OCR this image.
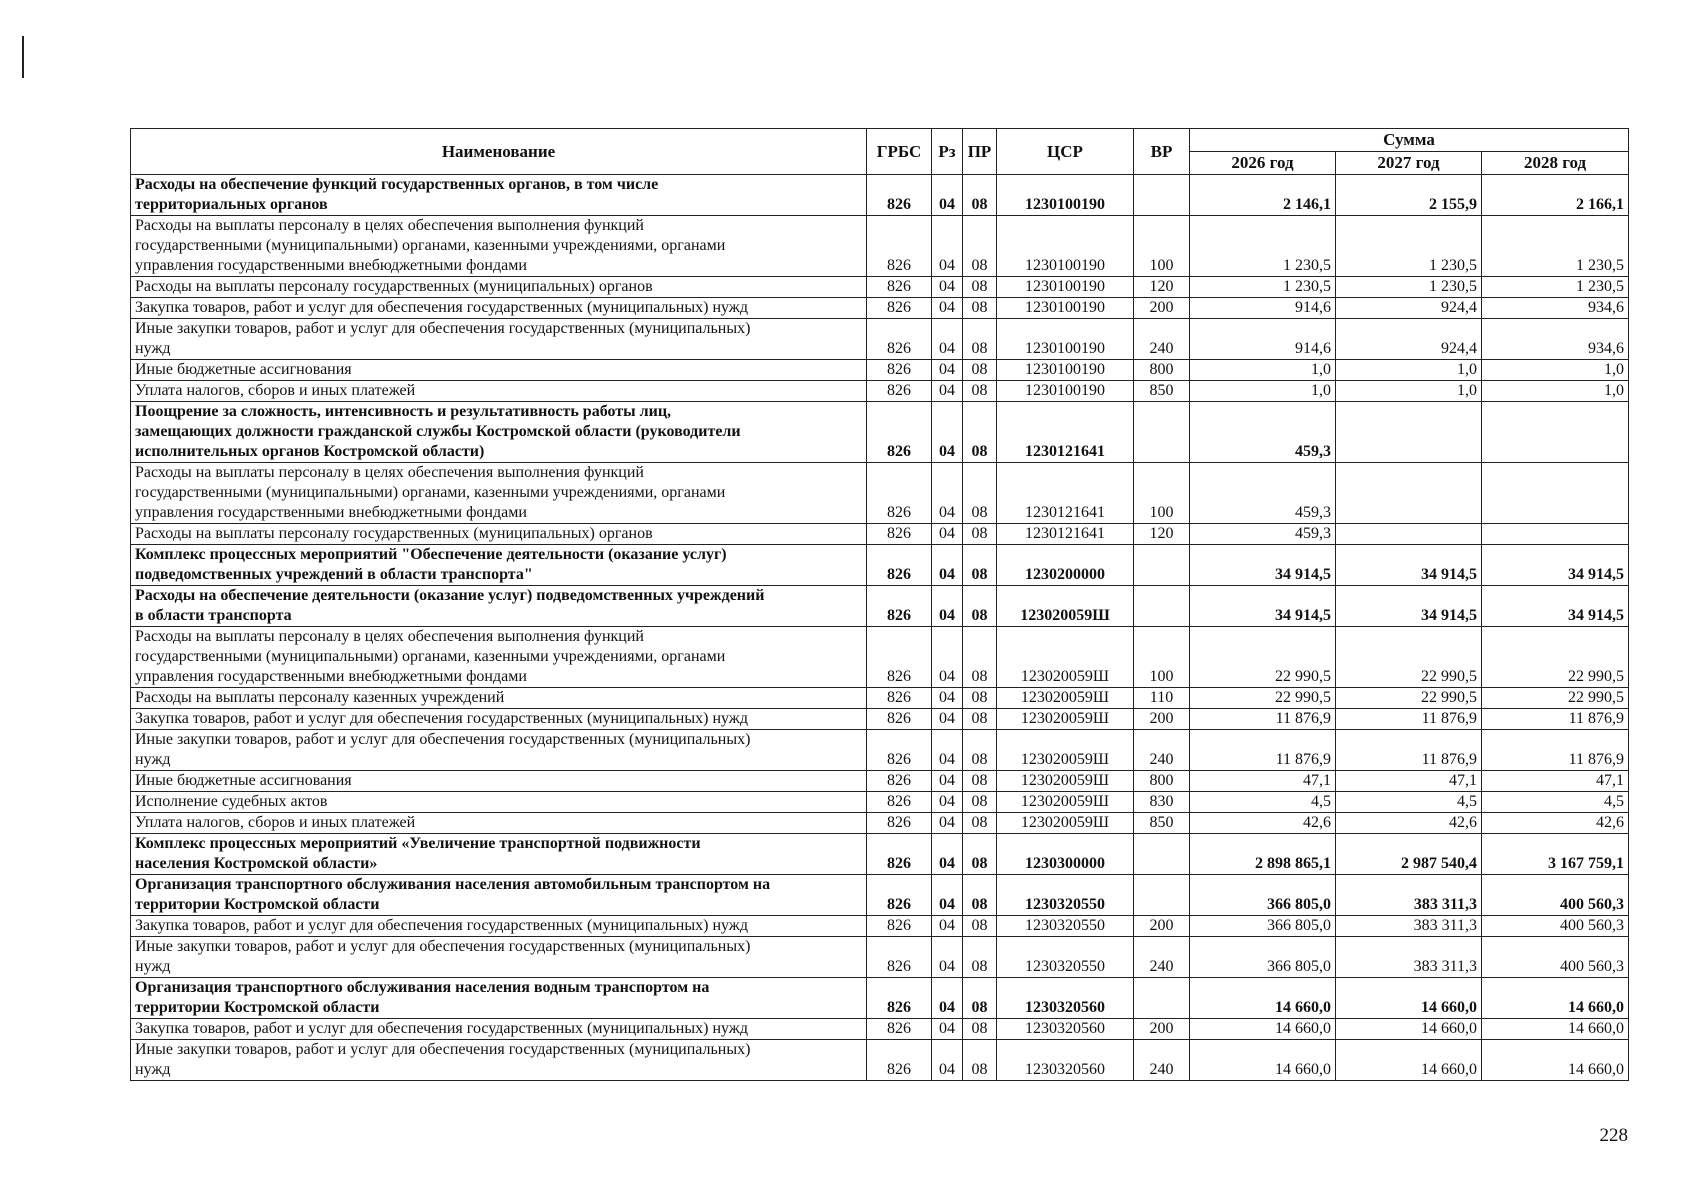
Наименование	ГРБС	Рз	ПР	ЦСР	ВР	Сумма		
						2026 год	2027 год	2028 год
Расходы на обеспечение функций государственных органов, в том числе
территориальных органов	826	04	08	1230100190		2 146,1	2 155,9	2 166,1
Расходы на выплаты персоналу в целях обеспечения выполнения функций
государственными (муниципальными) органами, казенными учреждениями, органами
управления государственными внебюджетными фондами	826	04	08	1230100190	100	1 230,5	1 230,5	1 230,5
Расходы на выплаты персоналу государственных (муниципальных) органов	826	04	08	1230100190	120	1 230,5	1 230,5	1 230,5
Закупка товаров, работ и услуг для обеспечения государственных (муниципальных) нужд	826	04	08	1230100190	200	914,6	924,4	934,6
Иные закупки товаров, работ и услуг для обеспечения государственных (муниципальных)
нужд	826	04	08	1230100190	240	914,6	924,4	934,6
Иные бюджетные ассигнования	826	04	08	1230100190	800	1,0	1,0	1,0
Уплата налогов, сборов и иных платежей	826	04	08	1230100190	850	1,0	1,0	1,0
Поощрение за сложность, интенсивность и результативность работы лиц,
замещающих должности гражданской службы Костромской области (руководители
исполнительных органов Костромской области)	826	04	08	1230121641		459,3		
Расходы на выплаты персоналу в целях обеспечения выполнения функций
государственными (муниципальными) органами, казенными учреждениями, органами
управления государственными внебюджетными фондами	826	04	08	1230121641	100	459,3		
Расходы на выплаты персоналу государственных (муниципальных) органов	826	04	08	1230121641	120	459,3		
Комплекс процессных мероприятий "Обеспечение деятельности (оказание услуг)
подведомственных учреждений в области транспорта"	826	04	08	1230200000		34 914,5	34 914,5	34 914,5
Расходы на обеспечение деятельности (оказание услуг) подведомственных учреждений
в области транспорта	826	04	08	123020059Ш		34 914,5	34 914,5	34 914,5
Расходы на выплаты персоналу в целях обеспечения выполнения функций
государственными (муниципальными) органами, казенными учреждениями, органами
управления государственными внебюджетными фондами	826	04	08	123020059Ш	100	22 990,5	22 990,5	22 990,5
Расходы на выплаты персоналу казенных учреждений	826	04	08	123020059Ш	110	22 990,5	22 990,5	22 990,5
Закупка товаров, работ и услуг для обеспечения государственных (муниципальных) нужд	826	04	08	123020059Ш	200	11 876,9	11 876,9	11 876,9
Иные закупки товаров, работ и услуг для обеспечения государственных (муниципальных)
нужд	826	04	08	123020059Ш	240	11 876,9	11 876,9	11 876,9
Иные бюджетные ассигнования	826	04	08	123020059Ш	800	47,1	47,1	47,1
Исполнение судебных актов	826	04	08	123020059Ш	830	4,5	4,5	4,5
Уплата налогов, сборов и иных платежей	826	04	08	123020059Ш	850	42,6	42,6	42,6
Комплекс процессных мероприятий «Увеличение транспортной подвижности
населения Костромской области»	826	04	08	1230300000		2 898 865,1	2 987 540,4	3 167 759,1
Организация транспортного обслуживания населения автомобильным транспортом на
территории Костромской области	826	04	08	1230320550		366 805,0	383 311,3	400 560,3
Закупка товаров, работ и услуг для обеспечения государственных (муниципальных) нужд	826	04	08	1230320550	200	366 805,0	383 311,3	400 560,3
Иные закупки товаров, работ и услуг для обеспечения государственных (муниципальных)
нужд	826	04	08	1230320550	240	366 805,0	383 311,3	400 560,3
Организация транспортного обслуживания населения водным транспортом на
территории Костромской области	826	04	08	1230320560		14 660,0	14 660,0	14 660,0
Закупка товаров, работ и услуг для обеспечения государственных (муниципальных) нужд	826	04	08	1230320560	200	14 660,0	14 660,0	14 660,0
Иные закупки товаров, работ и услуг для обеспечения государственных (муниципальных)
нужд	826	04	08	1230320560	240	14 660,0	14 660,0	14 660,0
228
